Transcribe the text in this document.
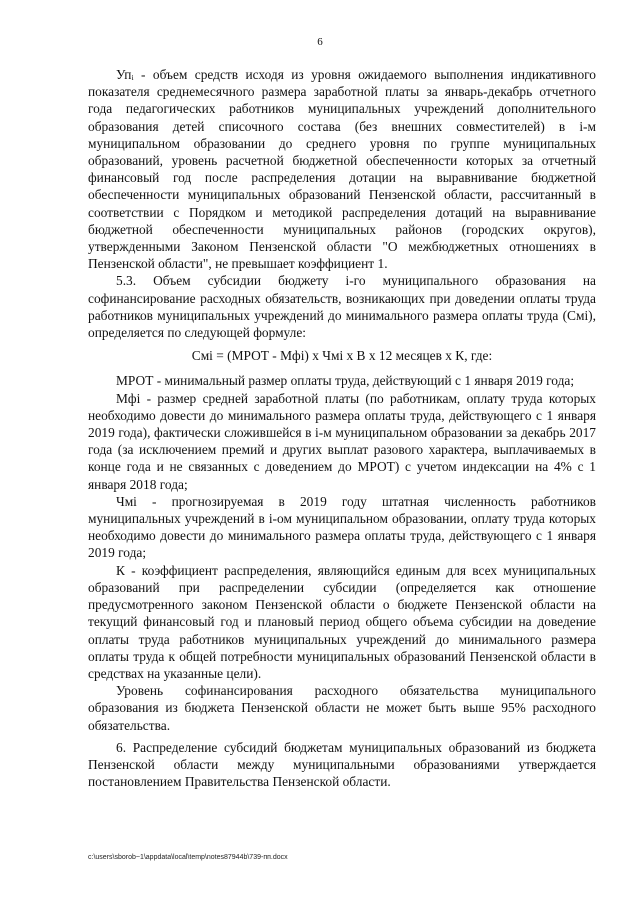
6

Упᵢ - объем средств исходя из уровня ожидаемого выполнения индикативного показателя среднемесячного размера заработной платы за январь-декабрь отчетного года педагогических работников муниципальных учреждений дополнительного образования детей списочного состава (без внешних совместителей) в i-м муниципальном образовании до среднего уровня по группе муниципальных образований, уровень расчетной бюджетной обеспеченности которых за отчетный финансовый год после распределения дотации на выравнивание бюджетной обеспеченности муниципальных образований Пензенской области, рассчитанный в соответствии с Порядком и методикой распределения дотаций на выравнивание бюджетной обеспеченности муниципальных районов (городских округов), утвержденными Законом Пензенской области "О межбюджетных отношениях в Пензенской области", не превышает коэффициент 1.

5.3. Объем субсидии бюджету i-го муниципального образования на софинансирование расходных обязательств, возникающих при доведении оплаты труда работников муниципальных учреждений до минимального размера оплаты труда (Смi), определяется по следующей формуле:

Смi = (МРОТ - Мфi) x Чмi x В x 12 месяцев x К, где:

МРОТ - минимальный размер оплаты труда, действующий с 1 января 2019 года;

Мфi - размер средней заработной платы (по работникам, оплату труда которых необходимо довести до минимального размера оплаты труда, действующего с 1 января 2019 года), фактически сложившейся в i-м муниципальном образовании за декабрь 2017 года (за исключением премий и других выплат разового характера, выплачиваемых в конце года и не связанных с доведением до МРОТ) с учетом индексации на 4% с 1 января 2018 года;

Чмi - прогнозируемая в 2019 году штатная численность работников муниципальных учреждений в i-ом муниципальном образовании, оплату труда которых необходимо довести до минимального размера оплаты труда, действующего с 1 января 2019 года;

К - коэффициент распределения, являющийся единым для всех муниципальных образований при распределении субсидии (определяется как отношение предусмотренного законом Пензенской области о бюджете Пензенской области на текущий финансовый год и плановый период общего объема субсидии на доведение оплаты труда работников муниципальных учреждений до минимального размера оплаты труда к общей потребности муниципальных образований Пензенской области в средствах на указанные цели).

Уровень софинансирования расходного обязательства муниципального образования из бюджета Пензенской области не может быть выше 95% расходного обязательства.

6. Распределение субсидий бюджетам муниципальных образований из бюджета Пензенской области между муниципальными образованиями утверждается постановлением Правительства Пензенской области.

c:\users\sborob~1\appdata\local\temp\notes87944b\739-пп.docx
